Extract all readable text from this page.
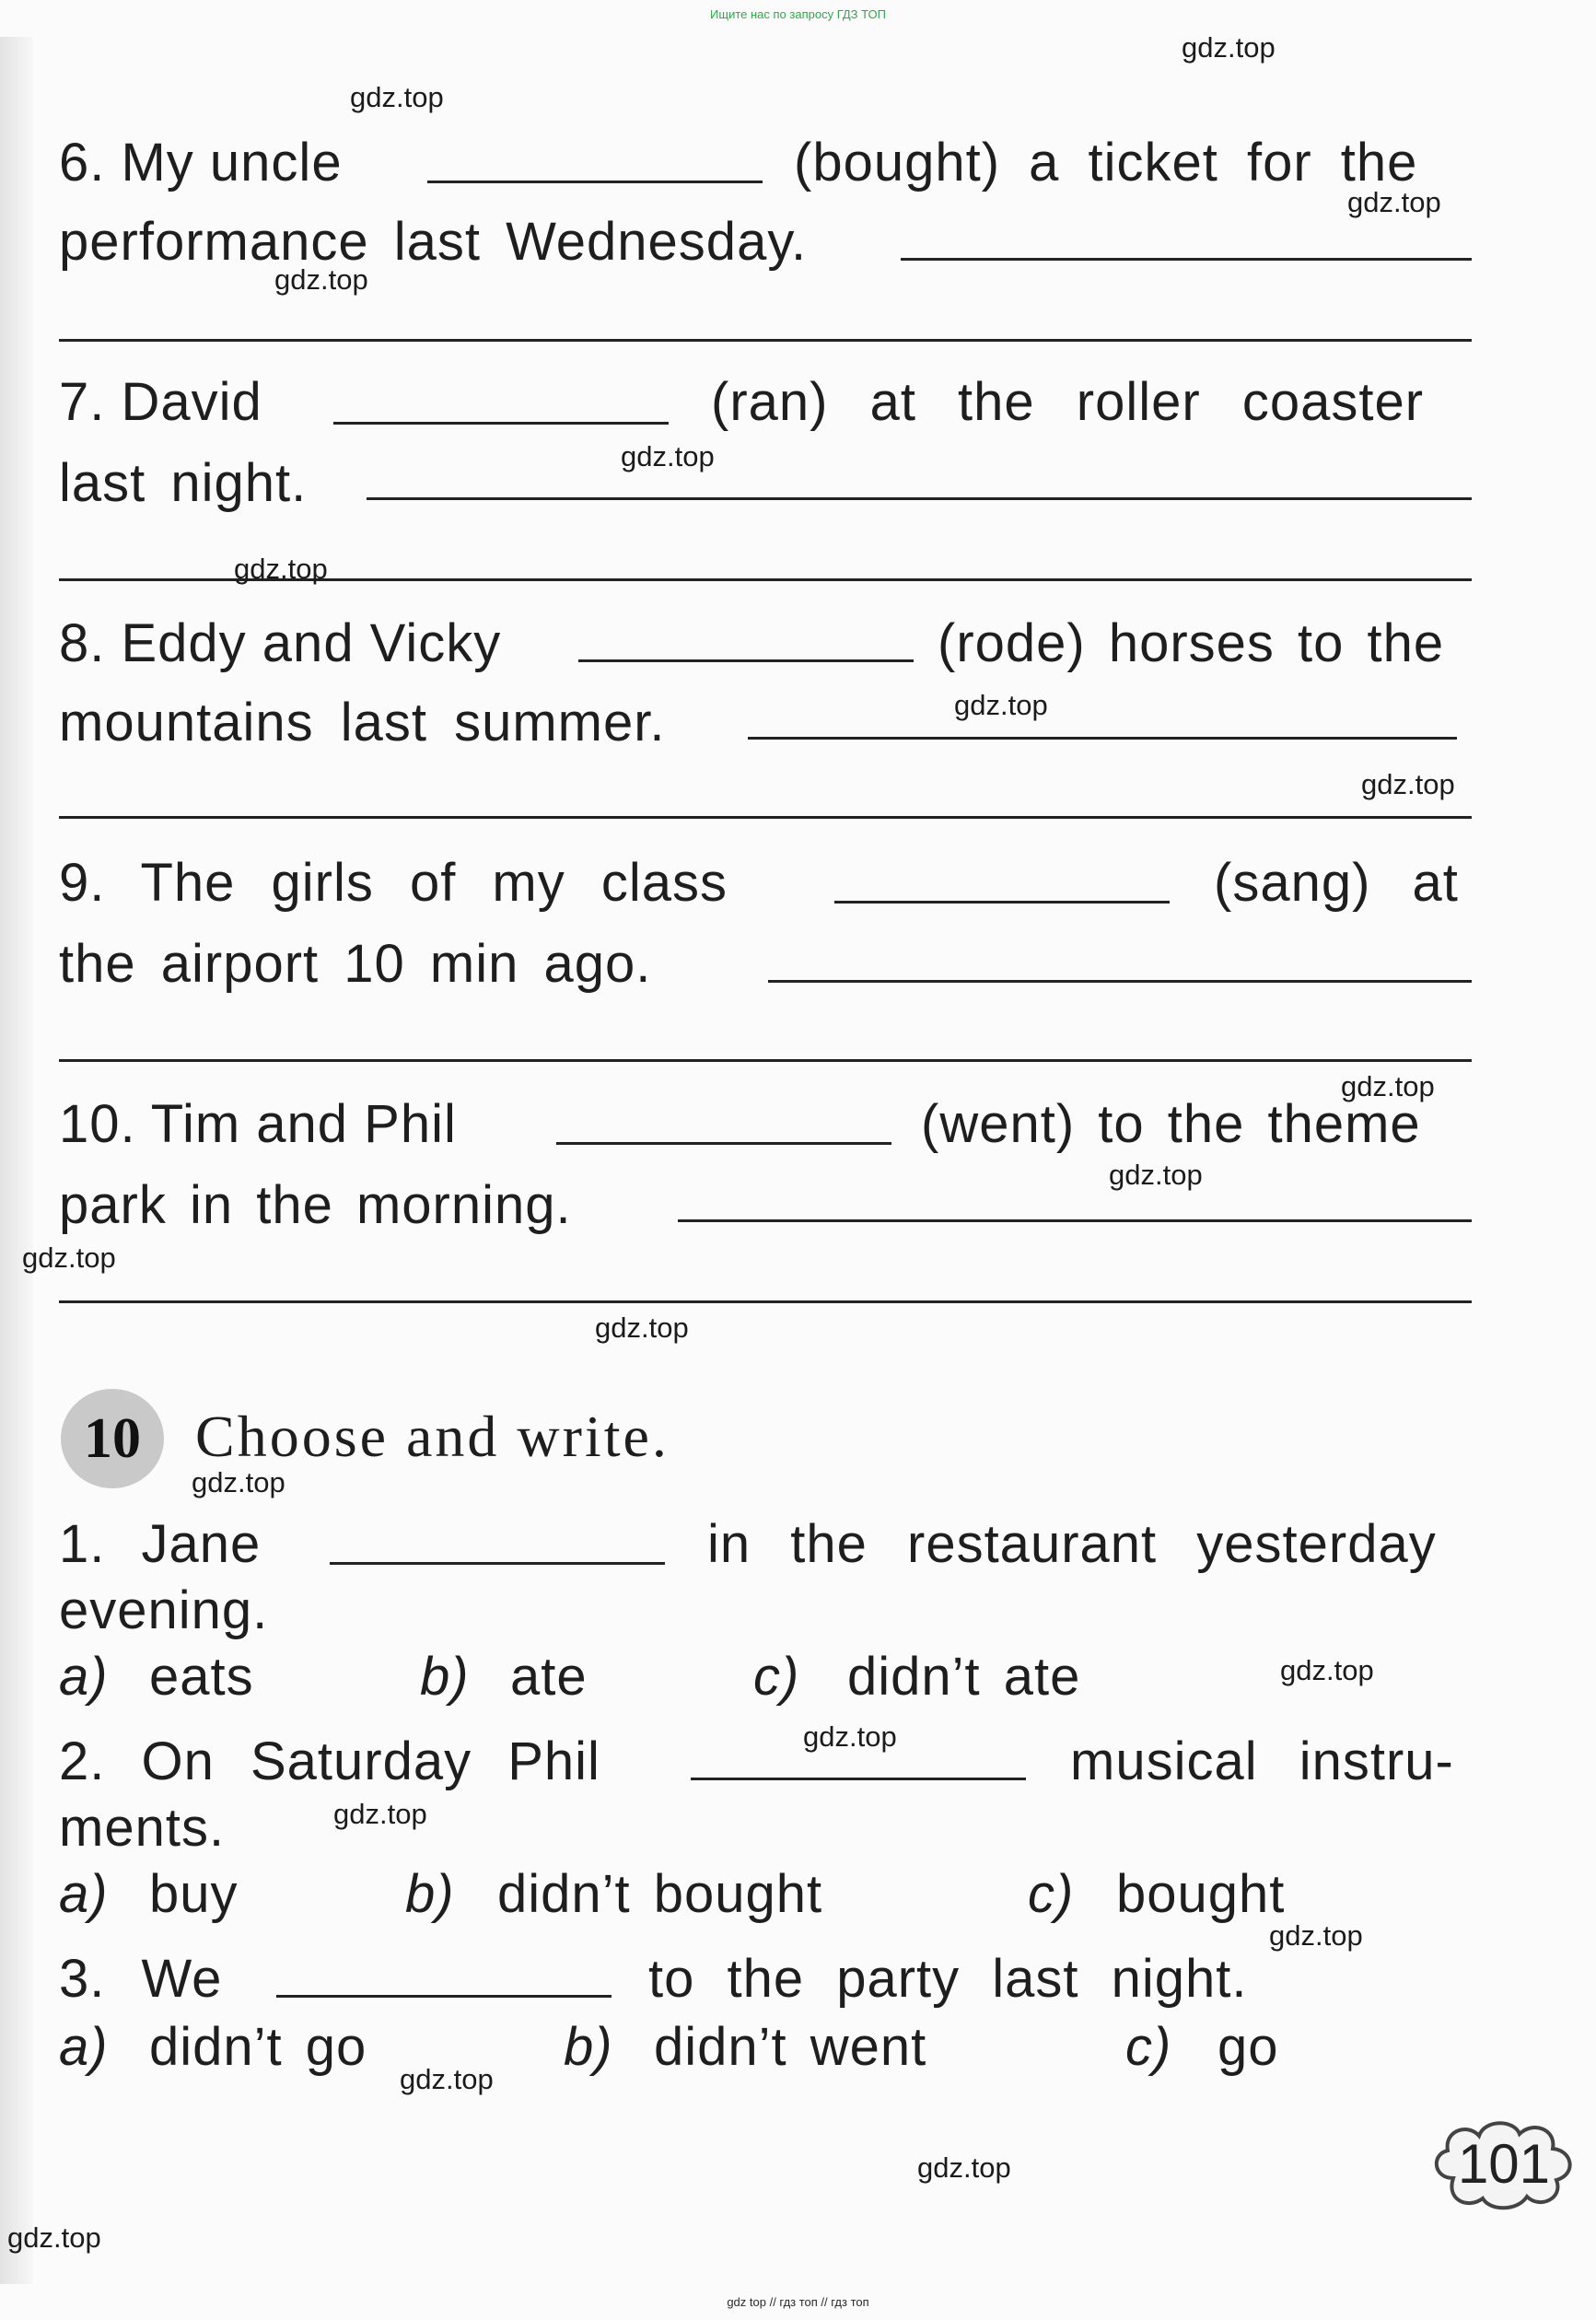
Ищите нас по запросу ГДЗ ТОП
6. My uncle	(bought) a ticket for the
performance last Wednesday.
7. David	(ran) at the roller coaster
last night.
8. Eddy and Vicky	(rode) horses to the
mountains last summer.
9. The girls of my class	(sang) at
the airport 10 min ago.
10. Tim and Phil	(went) to the theme
park in the morning.
10 Choose and write.
1. Jane	in the restaurant yesterday
evening.
a) eats	b) ate	c) didn’t ate
2. On Saturday Phil	musical instru-
ments.
a) buy	b) didn’t bought	c) bought
3. We	to the party last night.
a) didn’t go	b) didn’t went	c) go
101
gdz.top
gdz.top
gdz.top
gdz.top
gdz.top
gdz.top
gdz.top
gdz.top
gdz.top
gdz.top
gdz.top
gdz.top
gdz.top
gdz.top
gdz.top
gdz.top
gdz.top
gdz.top
gdz.top
gdz.top
gdz top // гдз топ // гдз топ
